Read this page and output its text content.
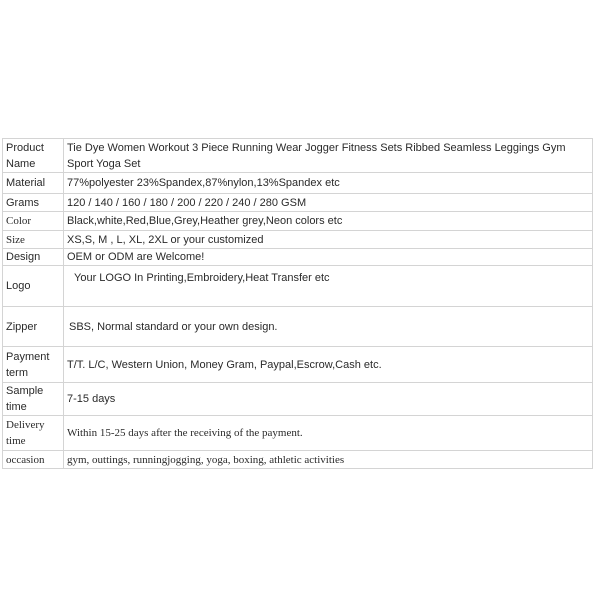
Product Name	Tie Dye Women Workout 3 Piece Running Wear Jogger Fitness Sets Ribbed Seamless Leggings Gym Sport Yoga Set
Material	77%polyester 23%Spandex,87%nylon,13%Spandex etc
Grams	120 / 140 / 160 / 180 / 200 / 220 / 240 / 280 GSM
Color	Black,white,Red,Blue,Grey,Heather grey,Neon colors etc
Size	XS,S, M , L, XL, 2XL or your customized
Design	OEM or ODM are Welcome!
Logo	Your LOGO In Printing,Embroidery,Heat Transfer etc
Zipper	SBS, Normal standard or your own design.
Payment term	T/T. L/C, Western Union, Money Gram, Paypal,Escrow,Cash etc.
Sample time	7-15 days
Delivery time	Within 15-25 days after the receiving of the payment.
occasion	gym, outtings, runningjogging, yoga, boxing, athletic activities
